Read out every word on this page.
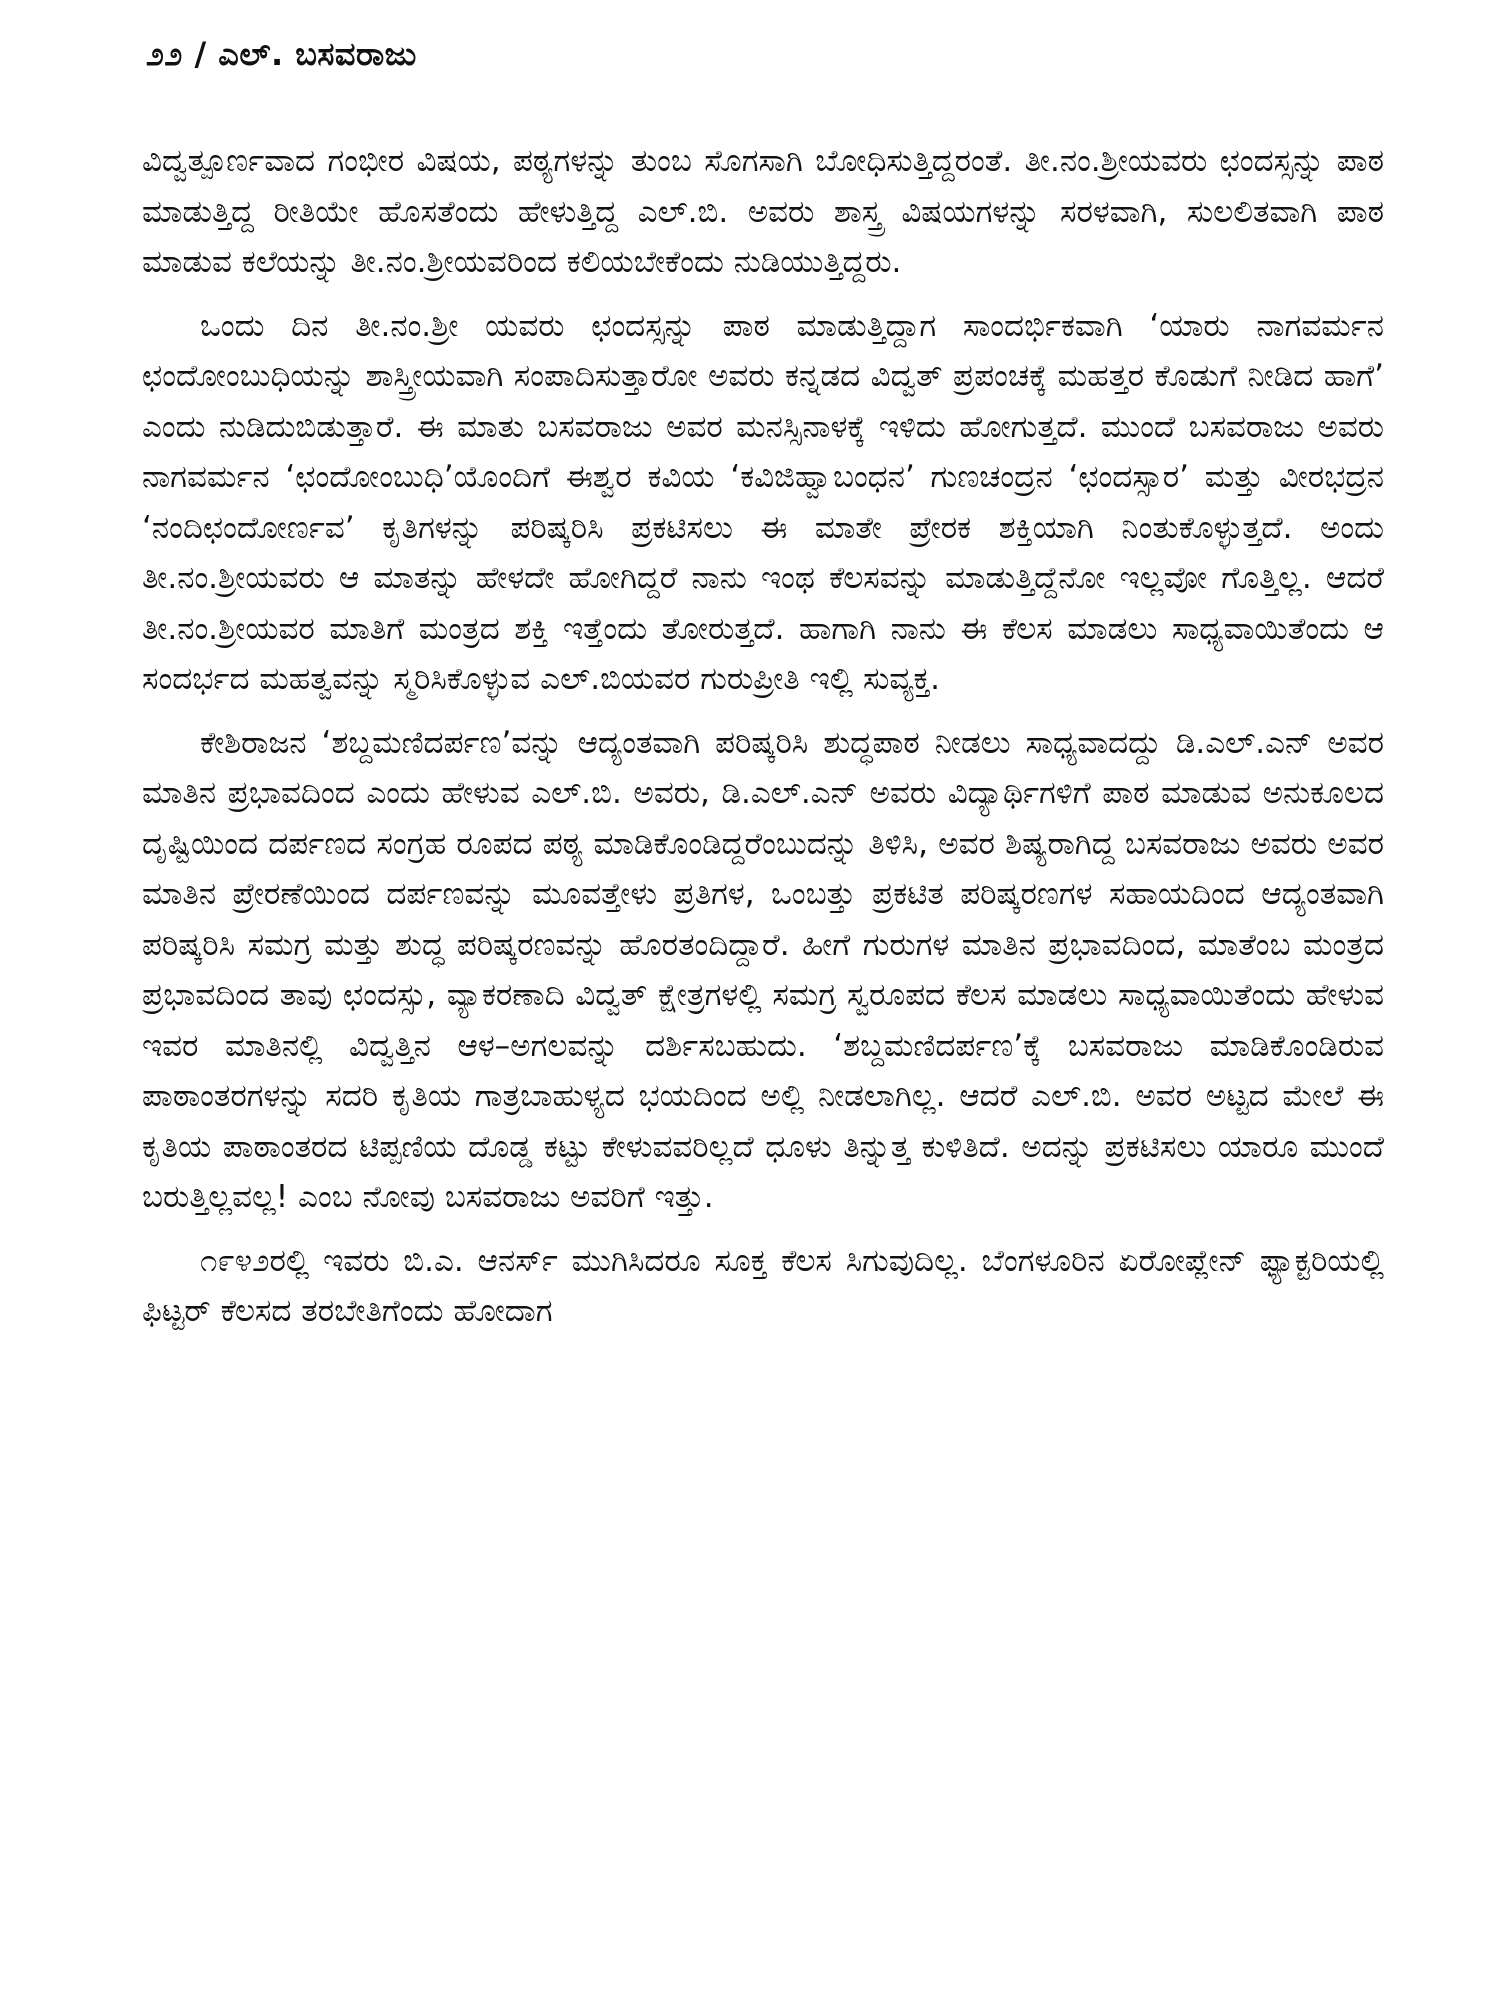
೨೨ / ಎಲ್. ಬಸವರಾಜು

ವಿದ್ವತ್ಪೂರ್ಣವಾದ ಗಂಭೀರ ವಿಷಯ, ಪಠ್ಯಗಳನ್ನು ತುಂಬ ಸೊಗಸಾಗಿ ಬೋಧಿಸುತ್ತಿದ್ದರಂತೆ. ತೀ.ನಂ.ಶ್ರೀಯವರು ಛಂದಸ್ಸನ್ನು ಪಾಠ ಮಾಡುತ್ತಿದ್ದ ರೀತಿಯೇ ಹೊಸತೆಂದು ಹೇಳುತ್ತಿದ್ದ ಎಲ್.ಬಿ. ಅವರು ಶಾಸ್ತ್ರ ವಿಷಯಗಳನ್ನು ಸರಳವಾಗಿ, ಸುಲಲಿತವಾಗಿ ಪಾಠ ಮಾಡುವ ಕಲೆಯನ್ನು ತೀ.ನಂ.ಶ್ರೀಯವರಿಂದ ಕಲಿಯಬೇಕೆಂದು ನುಡಿಯುತ್ತಿದ್ದರು.

ಒಂದು ದಿನ ತೀ.ನಂ.ಶ್ರೀ ಯವರು ಛಂದಸ್ಸನ್ನು ಪಾಠ ಮಾಡುತ್ತಿದ್ದಾಗ ಸಾಂದರ್ಭಿಕವಾಗಿ ‘ಯಾರು ನಾಗವರ್ಮನ ಛಂದೋಂಬುಧಿಯನ್ನು ಶಾಸ್ತ್ರೀಯವಾಗಿ ಸಂಪಾದಿಸುತ್ತಾರೋ ಅವರು ಕನ್ನಡದ ವಿದ್ವತ್ ಪ್ರಪಂಚಕ್ಕೆ ಮಹತ್ತರ ಕೊಡುಗೆ ನೀಡಿದ ಹಾಗೆ’ ಎಂದು ನುಡಿದುಬಿಡುತ್ತಾರೆ. ಈ ಮಾತು ಬಸವರಾಜು ಅವರ ಮನಸ್ಸಿನಾಳಕ್ಕೆ ಇಳಿದು ಹೋಗುತ್ತದೆ. ಮುಂದೆ ಬಸವರಾಜು ಅವರು ನಾಗವರ್ಮನ ‘ಛಂದೋಂಬುಧಿ’ಯೊಂದಿಗೆ ಈಶ್ವರ ಕವಿಯ ‘ಕವಿಜಿಹ್ವಾಬಂಧನ’ ಗುಣಚಂದ್ರನ ‘ಛಂದಸ್ಸಾರ’ ಮತ್ತು ವೀರಭದ್ರನ ‘ನಂದಿಛಂದೋರ್ಣವ’ ಕೃತಿಗಳನ್ನು ಪರಿಷ್ಕರಿಸಿ ಪ್ರಕಟಿಸಲು ಈ ಮಾತೇ ಪ್ರೇರಕ ಶಕ್ತಿಯಾಗಿ ನಿಂತುಕೊಳ್ಳುತ್ತದೆ. ಅಂದು ತೀ.ನಂ.ಶ್ರೀಯವರು ಆ ಮಾತನ್ನು ಹೇಳದೇ ಹೋಗಿದ್ದರೆ ನಾನು ಇಂಥ ಕೆಲಸವನ್ನು ಮಾಡುತ್ತಿದ್ದೆನೋ ಇಲ್ಲವೋ ಗೊತ್ತಿಲ್ಲ. ಆದರೆ ತೀ.ನಂ.ಶ್ರೀಯವರ ಮಾತಿಗೆ ಮಂತ್ರದ ಶಕ್ತಿ ಇತ್ತೆಂದು ತೋರುತ್ತದೆ. ಹಾಗಾಗಿ ನಾನು ಈ ಕೆಲಸ ಮಾಡಲು ಸಾಧ್ಯವಾಯಿತೆಂದು ಆ ಸಂದರ್ಭದ ಮಹತ್ವವನ್ನು ಸ್ಮರಿಸಿಕೊಳ್ಳುವ ಎಲ್.ಬಿಯವರ ಗುರುಪ್ರೀತಿ ಇಲ್ಲಿ ಸುವ್ಯಕ್ತ.

ಕೇಶಿರಾಜನ ‘ಶಬ್ದಮಣಿದರ್ಪಣ’ವನ್ನು ಆದ್ಯಂತವಾಗಿ ಪರಿಷ್ಕರಿಸಿ ಶುದ್ಧಪಾಠ ನೀಡಲು ಸಾಧ್ಯವಾದದ್ದು ಡಿ.ಎಲ್.ಎನ್ ಅವರ ಮಾತಿನ ಪ್ರಭಾವದಿಂದ ಎಂದು ಹೇಳುವ ಎಲ್.ಬಿ. ಅವರು, ಡಿ.ಎಲ್.ಎನ್ ಅವರು ವಿದ್ಯಾರ್ಥಿಗಳಿಗೆ ಪಾಠ ಮಾಡುವ ಅನುಕೂಲದ ದೃಷ್ಟಿಯಿಂದ ದರ್ಪಣದ ಸಂಗ್ರಹ ರೂಪದ ಪಠ್ಯ ಮಾಡಿಕೊಂಡಿದ್ದರೆಂಬುದನ್ನು ತಿಳಿಸಿ, ಅವರ ಶಿಷ್ಯರಾಗಿದ್ದ ಬಸವರಾಜು ಅವರು ಅವರ ಮಾತಿನ ಪ್ರೇರಣೆಯಿಂದ ದರ್ಪಣವನ್ನು ಮೂವತ್ತೇಳು ಪ್ರತಿಗಳ, ಒಂಬತ್ತು ಪ್ರಕಟಿತ ಪರಿಷ್ಕರಣಗಳ ಸಹಾಯದಿಂದ ಆದ್ಯಂತವಾಗಿ ಪರಿಷ್ಕರಿಸಿ ಸಮಗ್ರ ಮತ್ತು ಶುದ್ಧ ಪರಿಷ್ಕರಣವನ್ನು ಹೊರತಂದಿದ್ದಾರೆ. ಹೀಗೆ ಗುರುಗಳ ಮಾತಿನ ಪ್ರಭಾವದಿಂದ, ಮಾತೆಂಬ ಮಂತ್ರದ ಪ್ರಭಾವದಿಂದ ತಾವು ಛಂದಸ್ಸು, ವ್ಯಾಕರಣಾದಿ ವಿದ್ವತ್ ಕ್ಷೇತ್ರಗಳಲ್ಲಿ ಸಮಗ್ರ ಸ್ವರೂಪದ ಕೆಲಸ ಮಾಡಲು ಸಾಧ್ಯವಾಯಿತೆಂದು ಹೇಳುವ ಇವರ ಮಾತಿನಲ್ಲಿ ವಿದ್ವತ್ತಿನ ಆಳ–ಅಗಲವನ್ನು ದರ್ಶಿಸಬಹುದು. ‘ಶಬ್ದಮಣಿದರ್ಪಣ’ಕ್ಕೆ ಬಸವರಾಜು ಮಾಡಿಕೊಂಡಿರುವ ಪಾಠಾಂತರಗಳನ್ನು ಸದರಿ ಕೃತಿಯ ಗಾತ್ರಬಾಹುಳ್ಯದ ಭಯದಿಂದ ಅಲ್ಲಿ ನೀಡಲಾಗಿಲ್ಲ. ಆದರೆ ಎಲ್.ಬಿ. ಅವರ ಅಟ್ಟದ ಮೇಲೆ ಈ ಕೃತಿಯ ಪಾಠಾಂತರದ ಟಿಪ್ಪಣಿಯ ದೊಡ್ಡ ಕಟ್ಟು ಕೇಳುವವರಿಲ್ಲದೆ ಧೂಳು ತಿನ್ನುತ್ತ ಕುಳಿತಿದೆ. ಅದನ್ನು ಪ್ರಕಟಿಸಲು ಯಾರೂ ಮುಂದೆ ಬರುತ್ತಿಲ್ಲವಲ್ಲ! ಎಂಬ ನೋವು ಬಸವರಾಜು ಅವರಿಗೆ ಇತ್ತು.

೧೯೪೨ರಲ್ಲಿ ಇವರು ಬಿ.ಎ. ಆನರ್ಸ್ ಮುಗಿಸಿದರೂ ಸೂಕ್ತ ಕೆಲಸ ಸಿಗುವುದಿಲ್ಲ. ಬೆಂಗಳೂರಿನ ಏರೋಪ್ಲೇನ್ ಫ್ಯಾಕ್ಟರಿಯಲ್ಲಿ ಫಿಟ್ಟರ್ ಕೆಲಸದ ತರಬೇತಿಗೆಂದು ಹೋದಾಗ
